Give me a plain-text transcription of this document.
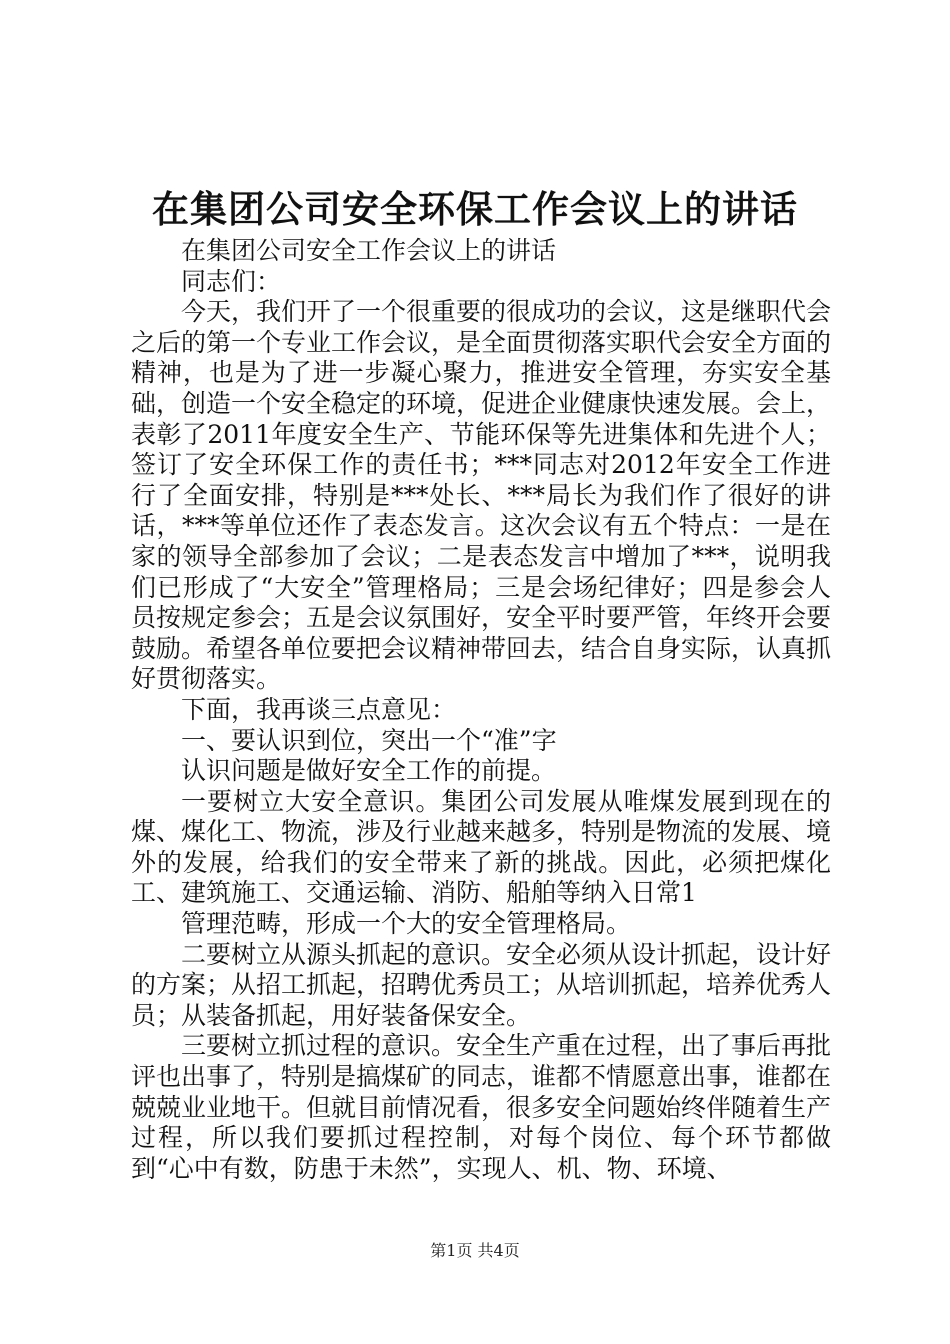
在集团公司安全环保工作会议上的讲话

在集团公司安全工作会议上的讲话

同志们：

今天，我们开了一个很重要的很成功的会议，这是继职代会之后的第一个专业工作会议，是全面贯彻落实职代会安全方面的精神，也是为了进一步凝心聚力，推进安全管理，夯实安全基础，创造一个安全稳定的环境，促进企业健康快速发展。会上，表彰了2011年度安全生产、节能环保等先进集体和先进个人；签订了安全环保工作的责任书；***同志对2012年安全工作进行了全面安排，特别是***处长、***局长为我们作了很好的讲话，***等单位还作了表态发言。这次会议有五个特点：一是在家的领导全部参加了会议；二是表态发言中增加了***，说明我们已形成了“大安全”管理格局；三是会场纪律好；四是参会人员按规定参会；五是会议氛围好，安全平时要严管，年终开会要鼓励。希望各单位要把会议精神带回去，结合自身实际，认真抓好贯彻落实。

下面，我再谈三点意见：

一、要认识到位，突出一个“准”字

认识问题是做好安全工作的前提。

一要树立大安全意识。集团公司发展从唯煤发展到现在的煤、煤化工、物流，涉及行业越来越多，特别是物流的发展、境外的发展，给我们的安全带来了新的挑战。因此，必须把煤化工、建筑施工、交通运输、消防、船舶等纳入日常1

管理范畴，形成一个大的安全管理格局。

二要树立从源头抓起的意识。安全必须从设计抓起，设计好的方案；从招工抓起，招聘优秀员工；从培训抓起，培养优秀人员；从装备抓起，用好装备保安全。

三要树立抓过程的意识。安全生产重在过程，出了事后再批评也出事了，特别是搞煤矿的同志，谁都不情愿意出事，谁都在兢兢业业地干。但就目前情况看，很多安全问题始终伴随着生产过程，所以我们要抓过程控制，对每个岗位、每个环节都做到“心中有数，防患于未然”，实现人、机、物、环境、

第1页 共4页
